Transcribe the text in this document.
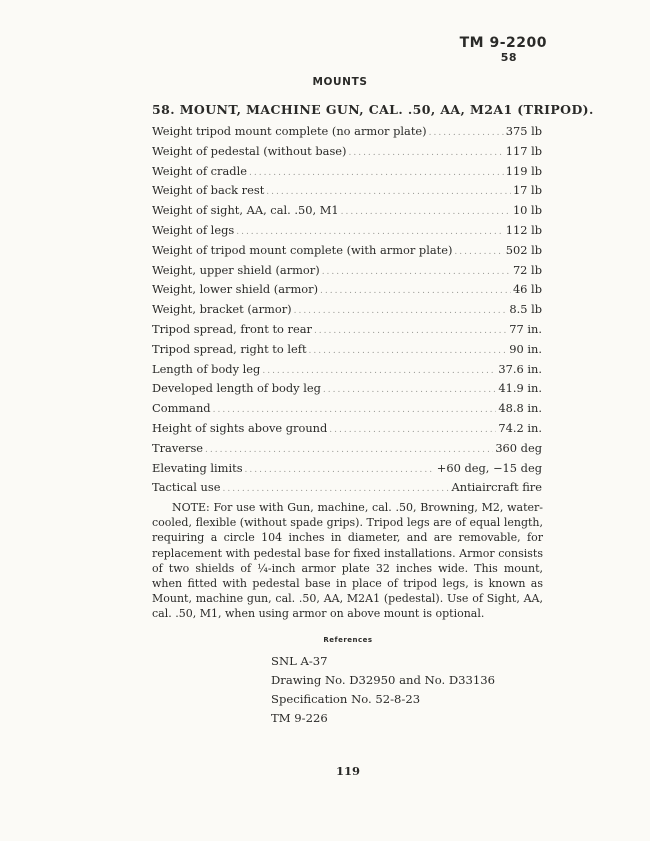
TM 9-2200
58
MOUNTS
58. MOUNT, MACHINE GUN, CAL. .50, AA, M2A1 (TRIPOD).
Weight tripod mount complete (no armor plate) .....	375 lb
Weight of pedestal (without base) .....	117 lb
Weight of cradle .....	119 lb
Weight of back rest .....	17 lb
Weight of sight, AA, cal. .50, M1 .....	10 lb
Weight of legs .....	112 lb
Weight of tripod mount complete (with armor plate) .....	502 lb
Weight, upper shield (armor) .....	72 lb
Weight, lower shield (armor) .....	46 lb
Weight, bracket (armor) .....	8.5 lb
Tripod spread, front to rear .....	77 in.
Tripod spread, right to left .....	90 in.
Length of body leg .....	37.6 in.
Developed length of body leg .....	41.9 in.
Command .....	48.8 in.
Height of sights above ground .....	74.2 in.
Traverse .....	360 deg
Elevating limits .....	+60 deg, −15 deg
Tactical use .....	Antiaircraft fire

NOTE: For use with Gun, machine, cal. .50, Browning, M2, water-cooled, flexible (without spade grips). Tripod legs are of equal length, requiring a circle 104 inches in diameter, and are removable, for replacement with pedestal base for fixed installations. Armor consists of two shields of ¼-inch armor plate 32 inches wide. This mount, when fitted with pedestal base in place of tripod legs, is known as Mount, machine gun, cal. .50, AA, M2A1 (pedestal). Use of Sight, AA, cal. .50, M1, when using armor on above mount is optional.

References
SNL A-37
Drawing No. D32950 and No. D33136
Specification No. 52-8-23
TM 9-226
119
